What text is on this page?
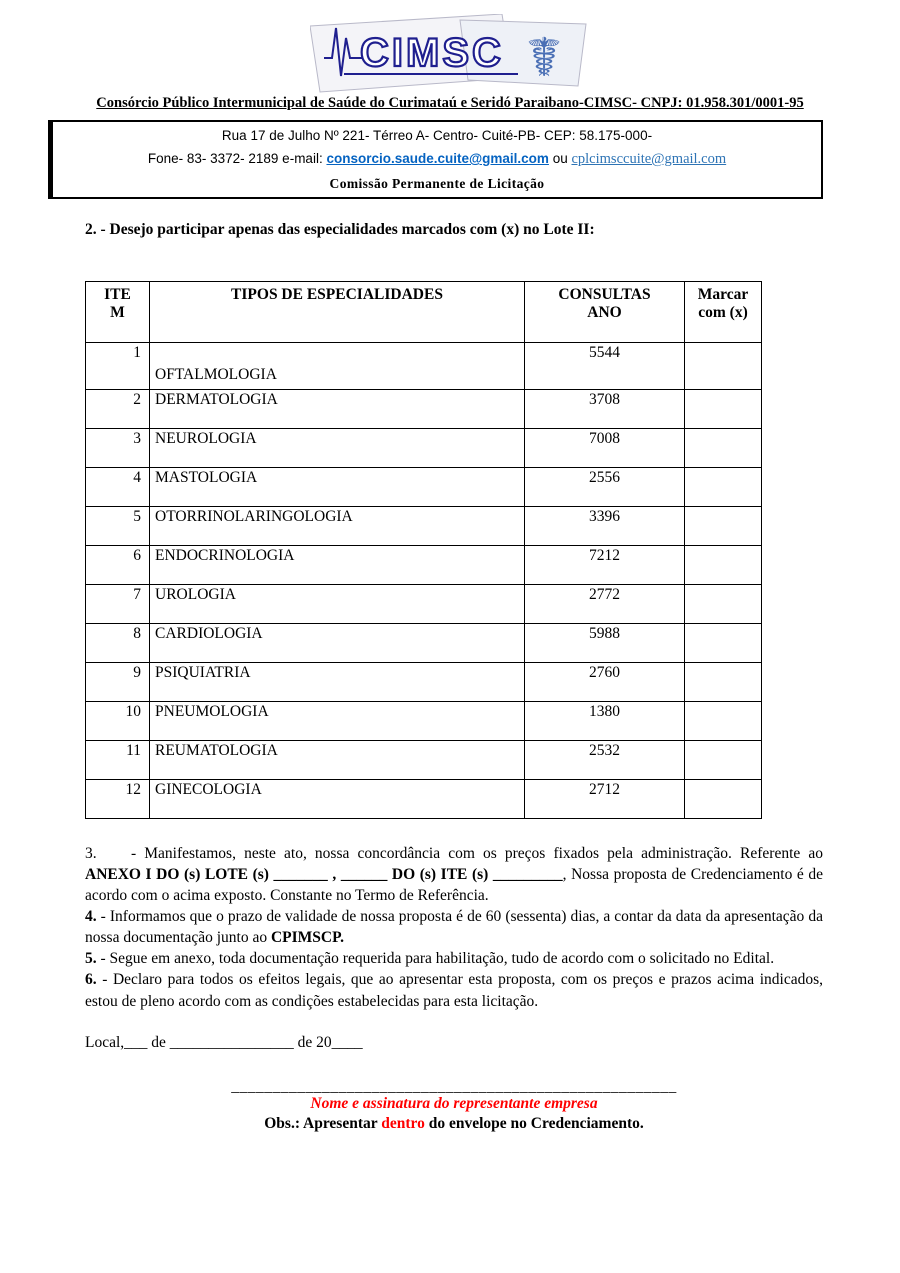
CIMSC ☤
Consórcio Público Intermunicipal de Saúde do Curimataú e Seridó Paraibano-CIMSC- CNPJ: 01.958.301/0001-95
Rua 17 de Julho Nº 221- Térreo A- Centro- Cuité-PB- CEP: 58.175-000-
Fone- 83- 3372- 2189 e-mail: consorcio.saude.cuite@gmail.com ou cplcimsccuite@gmail.com
Comissão Permanente de Licitação

2. - Desejo participar apenas das especialidades marcados com (x) no Lote II:

ITEM	TIPOS DE ESPECIALIDADES	CONSULTAS ANO	Marcar com (x)
1	OFTALMOLOGIA	5544	
2	DERMATOLOGIA	3708	
3	NEUROLOGIA	7008	
4	MASTOLOGIA	2556	
5	OTORRINOLARINGOLOGIA	3396	
6	ENDOCRINOLOGIA	7212	
7	UROLOGIA	2772	
8	CARDIOLOGIA	5988	
9	PSIQUIATRIA	2760	
10	PNEUMOLOGIA	1380	
11	REUMATOLOGIA	2532	
12	GINECOLOGIA	2712	

3. - Manifestamos, neste ato, nossa concordância com os preços fixados pela administração. Referente ao ANEXO I DO (s) LOTE (s) _______ , ______ DO (s) ITE (s) _________, Nossa proposta de Credenciamento é de acordo com o acima exposto. Constante no Termo de Referência.

4. - Informamos que o prazo de validade de nossa proposta é de 60 (sessenta) dias, a contar da data da apresentação da nossa documentação junto ao CPIMSCP.

5. - Segue em anexo, toda documentação requerida para habilitação, tudo de acordo com o solicitado no Edital.

6. - Declaro para todos os efeitos legais, que ao apresentar esta proposta, com os preços e prazos acima indicados, estou de pleno acordo com as condições estabelecidas para esta licitação.

Local,___ de ________________ de 20____

______________________________________________________
Nome e assinatura do representante empresa
Obs.: Apresentar dentro do envelope no Credenciamento.
